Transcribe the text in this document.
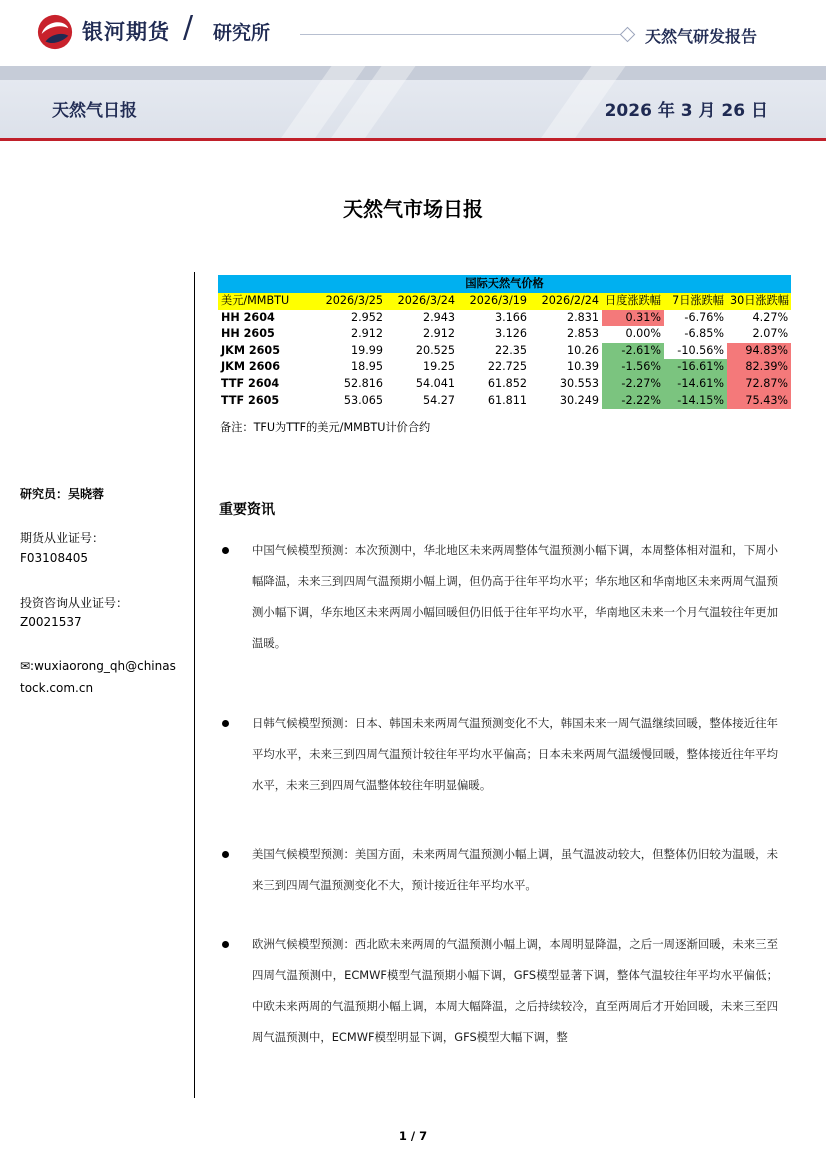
银河期货 / 研究所	天然气研发报告
天然气日报	2026 年 3 月 26 日
天然气市场日报
研究员：吴晓蓉
期货从业证号：
F03108405
投资咨询从业证号：
Z0021537
✉:wuxiaorong_qh@chinas
tock.com.cn
国际天然气价格							
美元/MMBTU	2026/3/25	2026/3/24	2026/3/19	2026/2/24	日度涨跌幅	7日涨跌幅	30日涨跌幅
HH 2604	2.952	2.943	3.166	2.831	0.31%	-6.76%	4.27%
HH 2605	2.912	2.912	3.126	2.853	0.00%	-6.85%	2.07%
JKM 2605	19.99	20.525	22.35	10.26	-2.61%	-10.56%	94.83%
JKM 2606	18.95	19.25	22.725	10.39	-1.56%	-16.61%	82.39%
TTF 2604	52.816	54.041	61.852	30.553	-2.27%	-14.61%	72.87%
TTF 2605	53.065	54.27	61.811	30.249	-2.22%	-14.15%	75.43%
备注：TFU为TTF的美元/MMBTU计价合约
重要资讯
中国气候模型预测：本次预测中，华北地区未来两周整体气温预测小幅下调，本周整体相对温和，下周小幅降温，未来三到四周气温预期小幅上调，但仍高于往年平均水平；华东地区和华南地区未来两周气温预测小幅下调，华东地区未来两周小幅回暖但仍旧低于往年平均水平，华南地区未来一个月气温较往年更加温暖。
日韩气候模型预测：日本、韩国未来两周气温预测变化不大，韩国未来一周气温继续回暖，整体接近往年平均水平，未来三到四周气温预计较往年平均水平偏高；日本未来两周气温缓慢回暖，整体接近往年平均水平，未来三到四周气温整体较往年明显偏暖。
美国气候模型预测：美国方面，未来两周气温预测小幅上调，虽气温波动较大，但整体仍旧较为温暖，未来三到四周气温预测变化不大，预计接近往年平均水平。
欧洲气候模型预测：西北欧未来两周的气温预测小幅上调，本周明显降温，之后一周逐渐回暖，未来三至四周气温预测中，ECMWF模型气温预期小幅下调，GFS模型显著下调，整体气温较往年平均水平偏低；中欧未来两周的气温预期小幅上调，本周大幅降温，之后持续较冷，直至两周后才开始回暖，未来三至四周气温预测中，ECMWF模型明显下调，GFS模型大幅下调，整
1 / 7
